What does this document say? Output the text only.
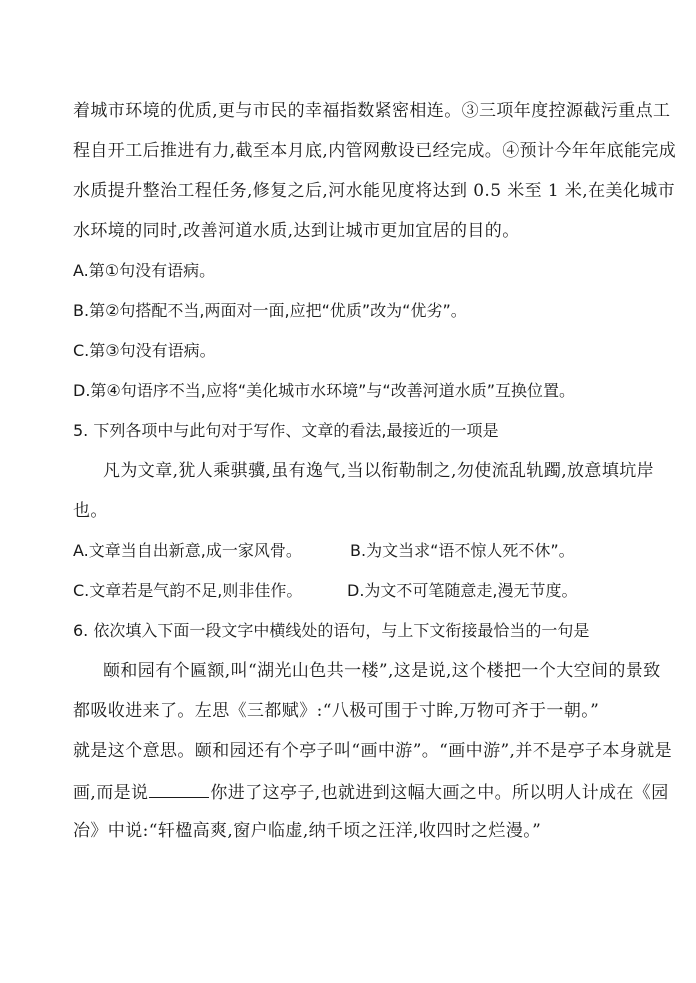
着城市环境的优质,更与市民的幸福指数紧密相连。③三项年度控源截污重点工
程自开工后推进有力,截至本月底,内管网敷设已经完成。④预计今年年底能完成
水质提升整治工程任务,修复之后,河水能见度将达到 0.5 米至 1 米,在美化城市
水环境的同时,改善河道水质,达到让城市更加宜居的目的。
A.第①句没有语病。
B.第②句搭配不当,两面对一面,应把“优质”改为“优劣”。
C.第③句没有语病。
D.第④句语序不当,应将“美化城市水环境”与“改善河道水质”互换位置。
5. 下列各项中与此句对于写作、文章的看法,最接近的一项是
凡为文章,犹人乘骐骥,虽有逸气,当以衔勒制之,勿使流乱轨躅,放意填坑岸
也。
A.文章当自出新意,成一家风骨。	B.为文当求“语不惊人死不休”。
C.文章若是气韵不足,则非佳作。	D.为文不可笔随意走,漫无节度。
6. 依次填入下面一段文字中横线处的语句，与上下文衔接最恰当的一句是
颐和园有个匾额,叫“湖光山色共一楼”,这是说,这个楼把一个大空间的景致
都吸收进来了。左思《三都赋》:“八极可围于寸眸,万物可齐于一朝。”
就是这个意思。颐和园还有个亭子叫“画中游”。“画中游”,并不是亭子本身就是
画,而是说	你进了这亭子,也就进到这幅大画之中。所以明人计成在《园
冶》中说:“轩楹高爽,窗户临虚,纳千顷之汪洋,收四时之烂漫。”
